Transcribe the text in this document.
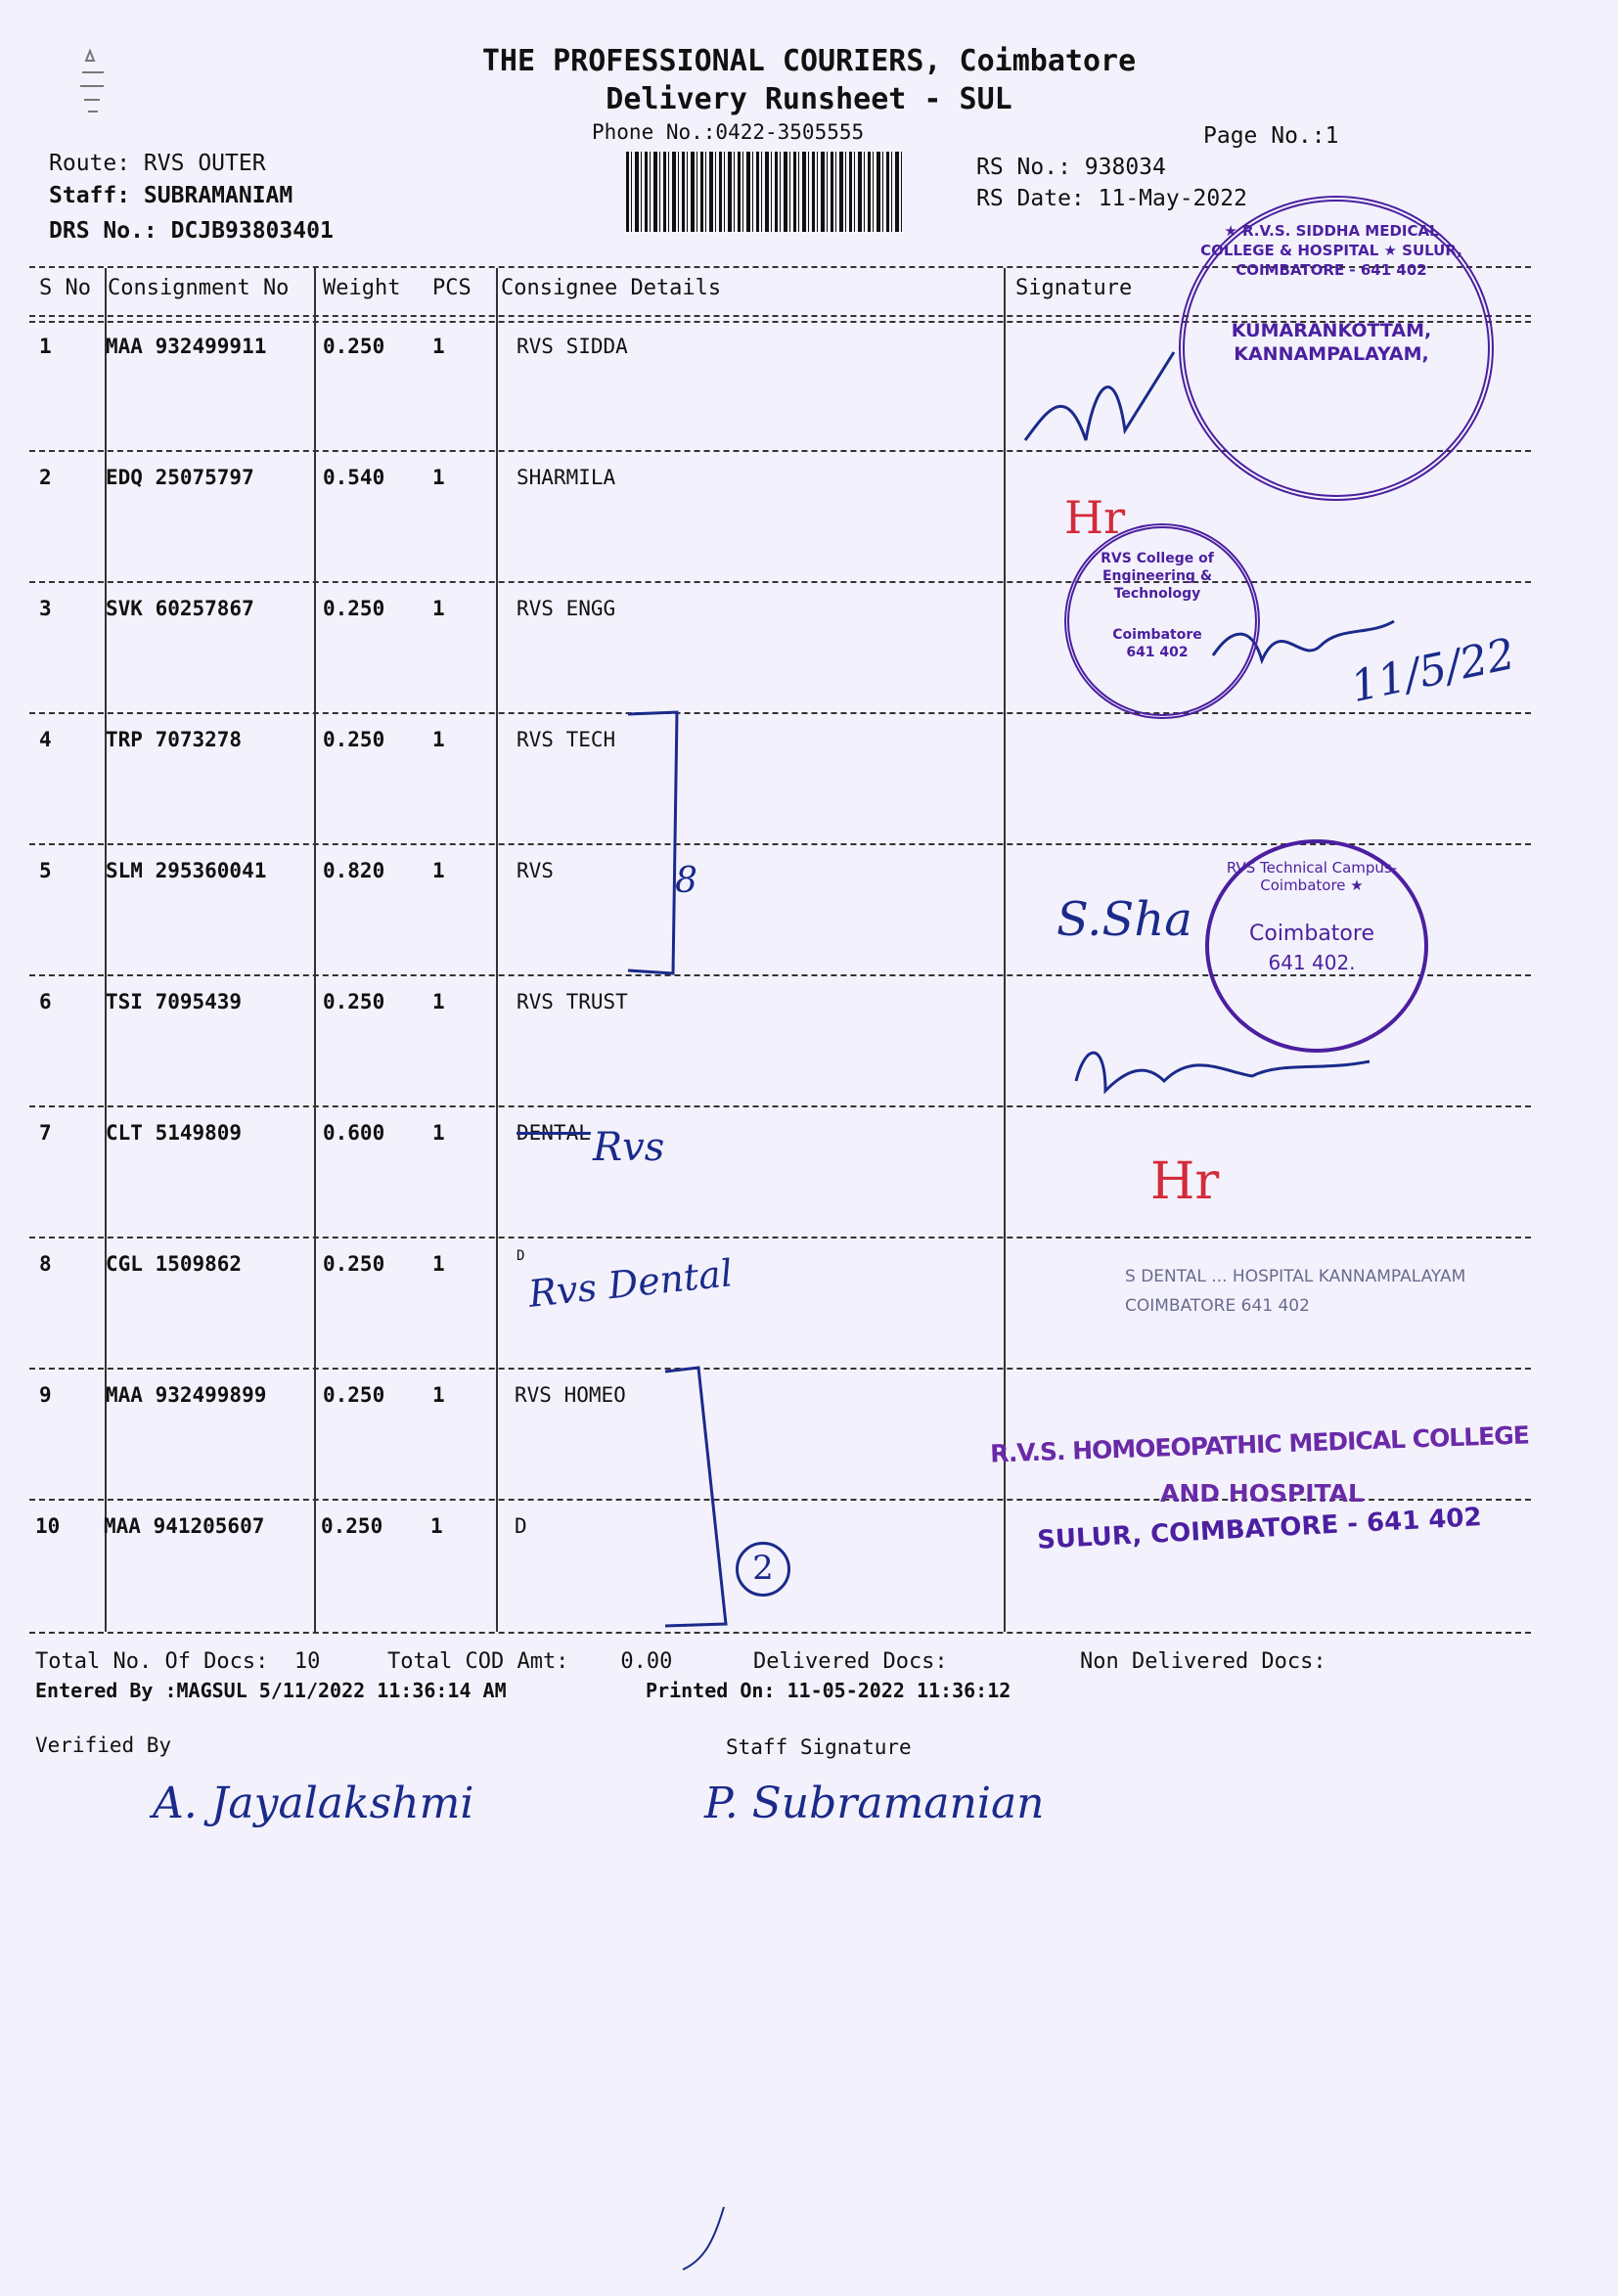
THE PROFESSIONAL COURIERS, Coimbatore
Delivery Runsheet - SUL
Phone No.:0422-3505555	Page No.:1
Route: RVS OUTER
Staff: SUBRAMANIAM
DRS No.: DCJB93803401
RS No.: 938034
RS Date: 11-May-2022
S No Consignment No Weight PCS Consignee Details	Signature
1	MAA 932499911	0.250 1	RVS SIDDA
2	EDQ 25075797	0.540 1	SHARMILA
3	SVK 60257867	0.250 1	RVS ENGG
4	TRP 7073278	0.250 1	RVS TECH
5	SLM 295360041	0.820 1	RVS
6	TSI 7095439	0.250 1	RVS TRUST
7	CLT 5149809	0.600 1	DENTAL
8	CGL 1509862	0.250 1	D
9	MAA 932499899	0.250 1	RVS HOMEO
10 MAA 941205607	0.250 1	D
8
2
Rvs
Rvs Dental
11/5/22
S.Sha
Hr
Hr
★ R.V.S. SIDDHA MEDICAL COLLEGE & HOSPITAL ★ SULUR, COIMBATORE - 641 402
KUMARANKOTTAM, KANNAMPALAYAM,
RVS College of Engineering & Technology
Coimbatore 641 402
RVS Technical Campus-Coimbatore ★
Coimbatore
641 402.
S DENTAL ... HOSPITAL KANNAMPALAYAM COIMBATORE 641 402
R.V.S. HOMOEOPATHIC MEDICAL COLLEGE
AND HOSPITAL
SULUR, COIMBATORE - 641 402
Total No. Of Docs:  10	Total COD Amt:    0.00	Delivered Docs:	Non Delivered Docs:
Entered By :MAGSUL 5/11/2022 11:36:14 AM	Printed On: 11-05-2022 11:36:12
Verified By	Staff Signature
A. Jayalakshmi	P. Subramanian
